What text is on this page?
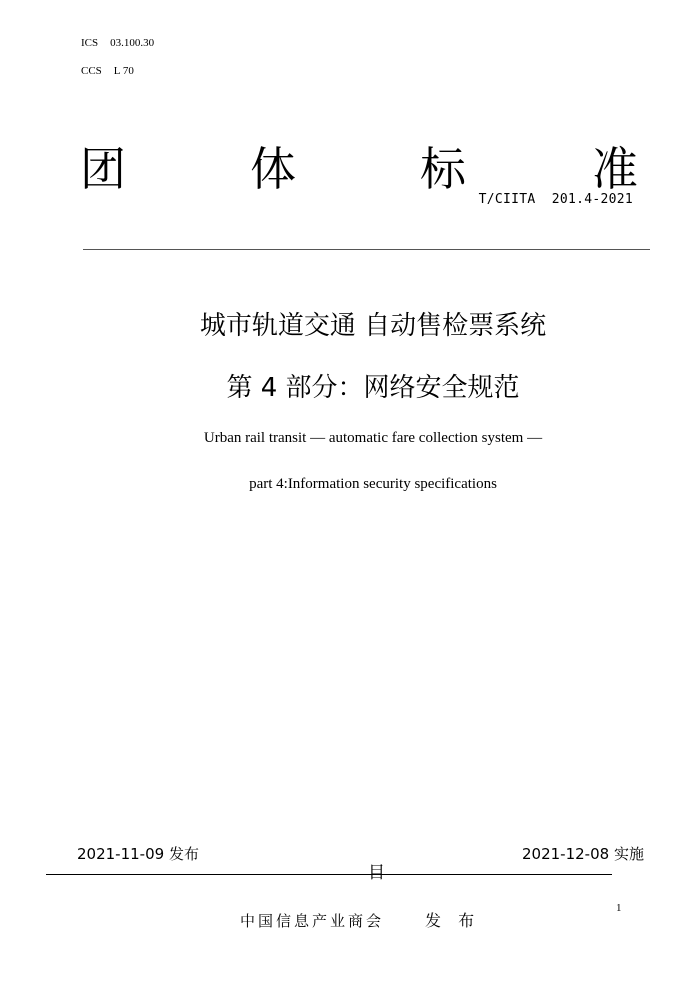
ICS 03.100.30
CCS L 70
团	体	标	准
T/CIITA  201.4-2021
城市轨道交通 自动售检票系统
第 4 部分：网络安全规范
Urban rail transit — automatic fare collection system —
part 4:Information security specifications
2021-11-09 发布	2021-12-08 实施
目
1
中国信息产业商会	发 布
